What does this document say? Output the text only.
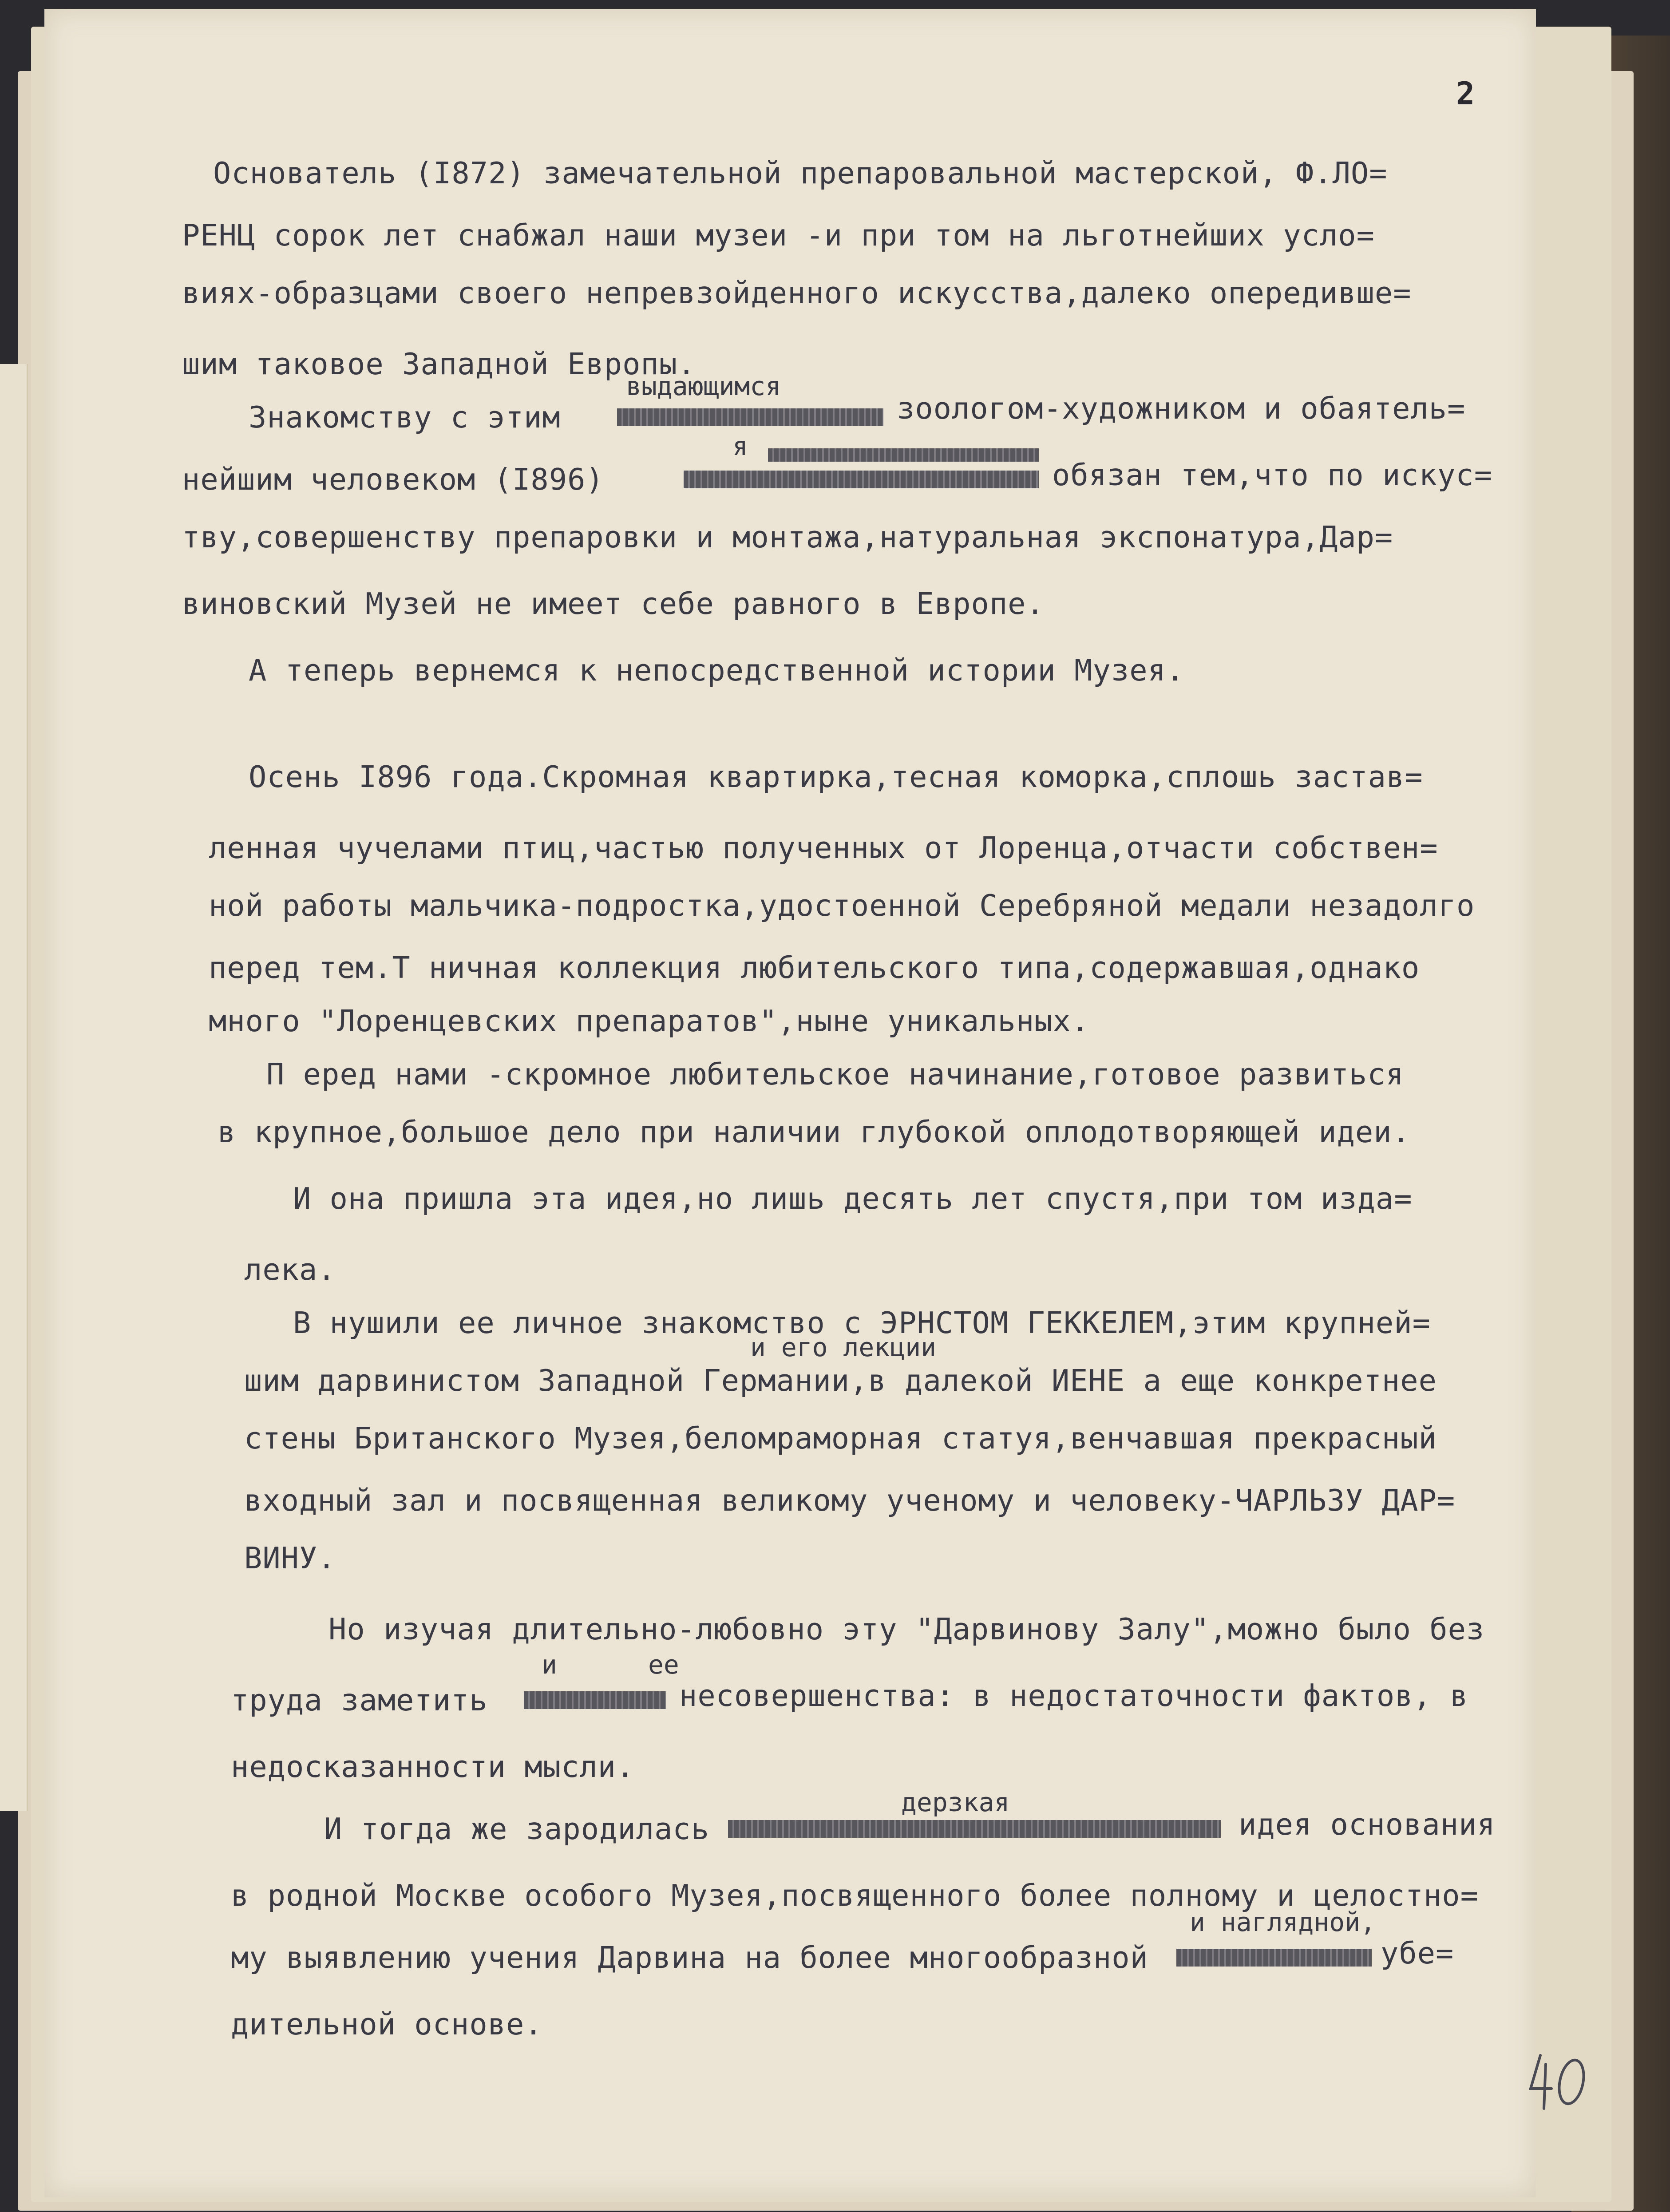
2
Основатель (I872) замечательной препаровальной мастерской, Ф.ЛО=
РЕНЦ сорок лет снабжал наши музеи -и при том на льготнейших усло=
виях-образцами своего непревзойденного искусства,далеко опередивше=
шим таковое Западной Европы.
выдающимся
Знакомству с этим	зоологом-художником и обаятель=
я
нейшим человеком (I896)	обязан тем,что по искус=
тву,совершенству препаровки и монтажа,натуральная экспонатура,Дар=
виновский Музей не имеет себе равного в Европе.
А теперь вернемся к непосредственной истории Музея.
Осень I896 года.Скромная квартирка,тесная коморка,сплошь застав=
ленная чучелами птиц,частью полученных от Лоренца,отчасти собствен=
ной работы мальчика-подростка,удостоенной Серебряной медали незадолго
перед тем.Т ничная коллекция любительского типа,содержавшая,однако
много "Лоренцевских препаратов",ныне уникальных.
П еред нами -скромное любительское начинание,готовое развиться
в крупное,большое дело при наличии глубокой оплодотворяющей идеи.
И она пришла эта идея,но лишь десять лет спустя,при том изда=
лека.
и его лекции
В нушили ее личное знакомство с ЭРНСТОМ ГЕККЕЛЕМ,этим крупней=
шим дарвинистом Западной Германии,в далекой ИЕНЕ а еще конкретнее
стены Британского Музея,беломраморная статуя,венчавшая прекрасный
входный зал и посвященная великому ученому и человеку-ЧАРЛЬЗУ ДАР=
ВИНУ.
Но изучая длительно-любовно эту "Дарвинову Залу",можно было без
и	ее
труда заметить	несовершенства: в недостаточности фактов, в
недосказанности мысли.
дерзкая
И тогда же зародилась	идея основания
в родной Москве особого Музея,посвященного более полному и целостно=
и наглядной,
му выявлению учения Дарвина на более многообразной	убе=
дительной основе.
